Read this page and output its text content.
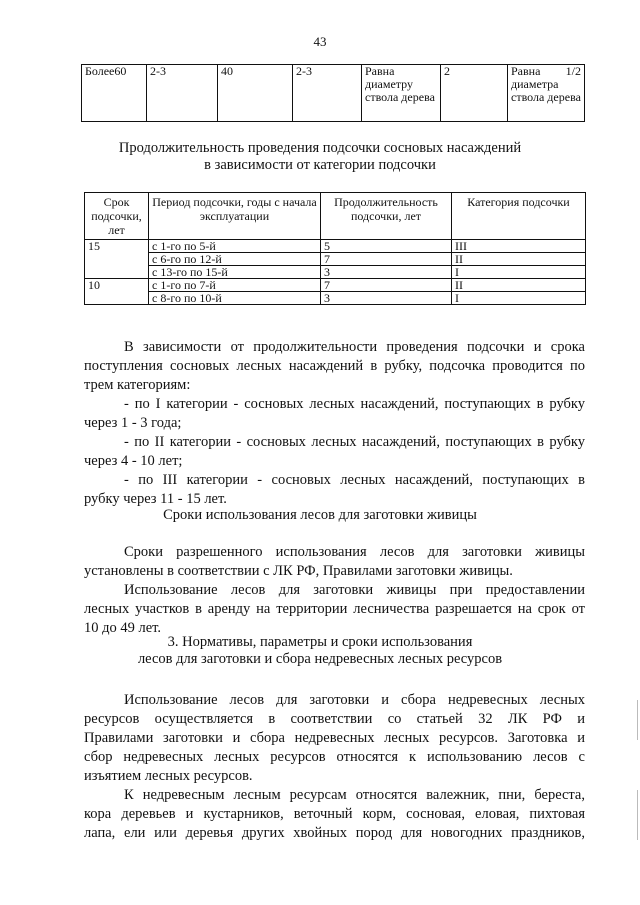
43
Более60	2-3	40	2-3	Равна диаметру ствола дерева	2	Равна 1/2
диаметра ствола дерева
Продолжительность проведения подсочки сосновых насаждений
в зависимости от категории подсочки
Срок подсочки, лет	Период подсочки, годы с начала эксплуатации	Продолжительность подсочки, лет	Категория подсочки
15	с 1-го по 5-й	5	III
	с 6-го по 12-й	7	II
	с 13-го по 15-й	3	I
10	с 1-го по 7-й	7	II
	с 8-го по 10-й	3	I
В зависимости от продолжительности проведения подсочки и срока
поступления сосновых лесных насаждений в рубку, подсочка проводится по
трем категориям:
- по I категории - сосновых лесных насаждений, поступающих в рубку
через 1 - 3 года;
- по II категории - сосновых лесных насаждений, поступающих в рубку
через 4 - 10 лет;
- по III категории - сосновых лесных насаждений, поступающих в
рубку через 11 - 15 лет.
Сроки использования лесов для заготовки живицы
Сроки разрешенного использования лесов для заготовки живицы
установлены в соответствии с ЛК РФ, Правилами заготовки живицы.
Использование лесов для заготовки живицы при предоставлении
лесных участков в аренду на территории лесничества разрешается на срок от
10 до 49 лет.
3. Нормативы, параметры и сроки использования
лесов для заготовки и сбора недревесных лесных ресурсов
Использование лесов для заготовки и сбора недревесных лесных
ресурсов осуществляется в соответствии со статьей 32 ЛК РФ и
Правилами заготовки и сбора недревесных лесных ресурсов. Заготовка и
сбор недревесных лесных ресурсов относятся к использованию лесов с
изъятием лесных ресурсов.
К недревесным лесным ресурсам относятся валежник, пни, береста,
кора деревьев и кустарников, веточный корм, сосновая, еловая, пихтовая
лапа, ели или деревья других хвойных пород для новогодних праздников,
